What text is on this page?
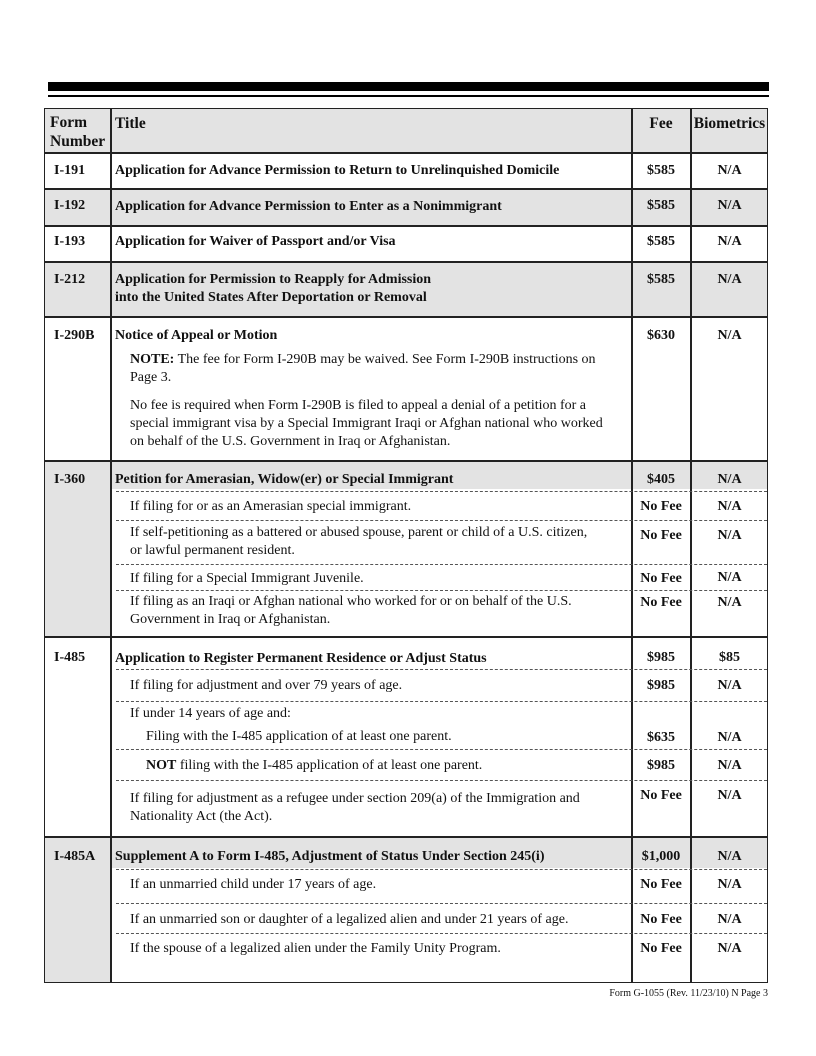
Form Number
Title	Fee	Biometrics
I-191 Application for Advance Permission to Return to Unrelinquished Domicile	$585	N/A
I-192 Application for Advance Permission to Enter as a Nonimmigrant	$585	N/A
I-193 Application for Waiver of Passport and/or Visa	$585	N/A
I-212 Application for Permission to Reapply for Admission
into the United States After Deportation or Removal
$585	N/A
I-290B Notice of Appeal or Motion	$630	N/A
NOTE: The fee for Form I-290B may be waived. See Form I-290B instructions on
Page 3.
No fee is required when Form I-290B is filed to appeal a denial of a petition for a
special immigrant visa by a Special Immigrant Iraqi or Afghan national who worked
on behalf of the U.S. Government in Iraq or Afghanistan.
I-360 Petition for Amerasian, Widow(er) or Special Immigrant	$405	N/A
If filing for or as an Amerasian special immigrant.	No Fee	N/A
If self-petitioning as a battered or abused spouse, parent or child of a U.S. citizen,
or lawful permanent resident.
No Fee	N/A
If filing for a Special Immigrant Juvenile.	No Fee	N/A
If filing as an Iraqi or Afghan national who worked for or on behalf of the U.S.
Government in Iraq or Afghanistan.
No Fee	N/A
I-485 Application to Register Permanent Residence or Adjust Status	$985	$85
If filing for adjustment and over 79 years of age.	$985	N/A
If under 14 years of age and:
Filing with the I-485 application of at least one parent.	$635	N/A
NOT filing with the I-485 application of at least one parent.	$985	N/A
If filing for adjustment as a refugee under section 209(a) of the Immigration and
Nationality Act (the Act).
No Fee	N/A
I-485A Supplement A to Form I-485, Adjustment of Status Under Section 245(i)	$1,000	N/A
If an unmarried child under 17 years of age.	No Fee	N/A
If an unmarried son or daughter of a legalized alien and under 21 years of age.	No Fee	N/A
If the spouse of a legalized alien under the Family Unity Program.	No Fee	N/A
Form G-1055 (Rev. 11/23/10) N Page 3
